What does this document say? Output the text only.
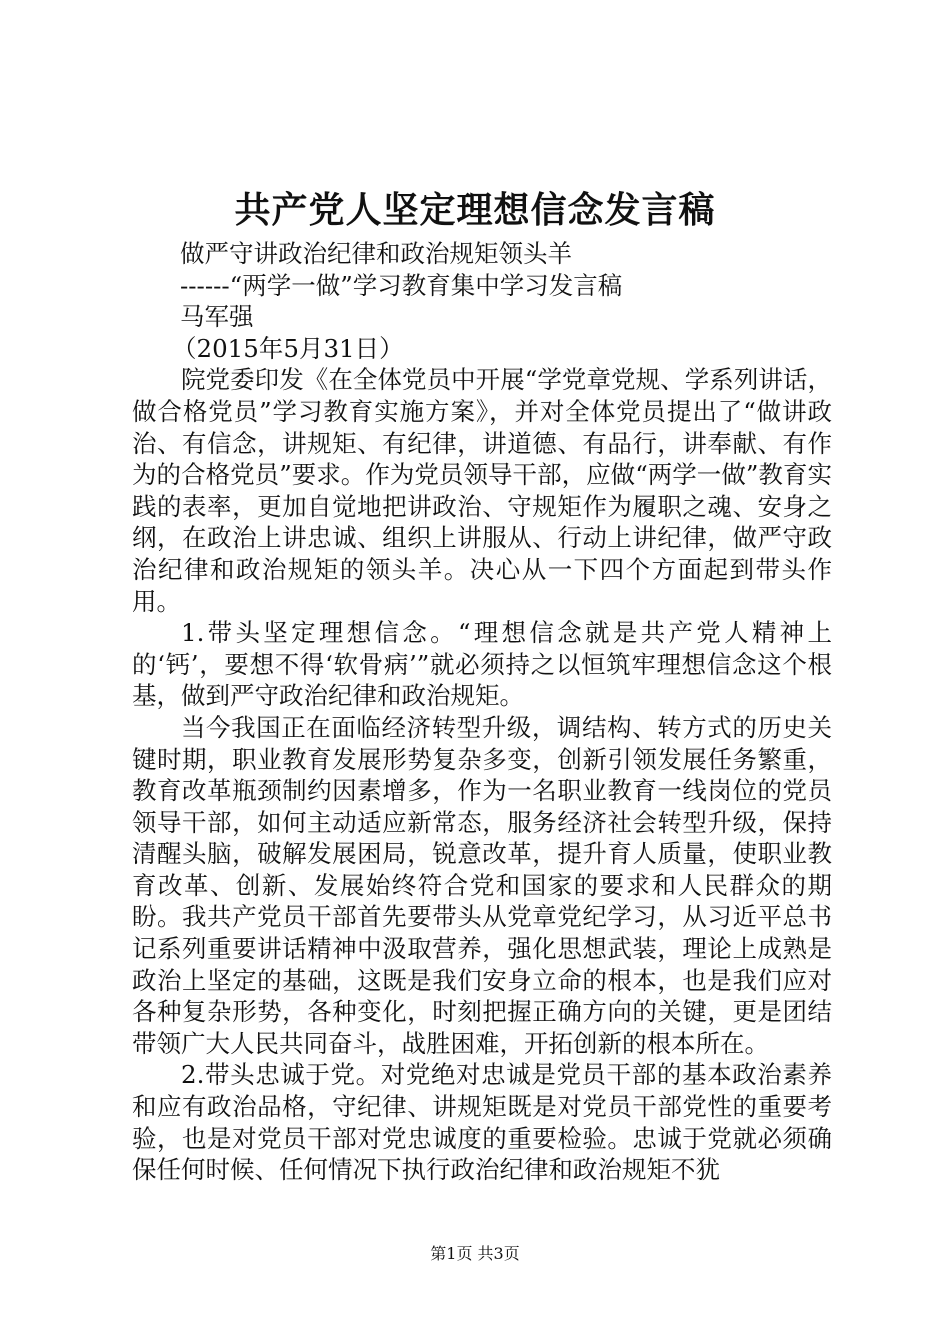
共产党人坚定理想信念发言稿

做严守讲政治纪律和政治规矩领头羊

------“两学一做”学习教育集中学习发言稿

马军强

（2015年5月31日）

院党委印发《在全体党员中开展“学党章党规、学系列讲话，做合格党员”学习教育实施方案》，并对全体党员提出了“做讲政治、有信念，讲规矩、有纪律，讲道德、有品行，讲奉献、有作为的合格党员”要求。作为党员领导干部，应做“两学一做”教育实践的表率，更加自觉地把讲政治、守规矩作为履职之魂、安身之纲，在政治上讲忠诚、组织上讲服从、行动上讲纪律，做严守政治纪律和政治规矩的领头羊。决心从一下四个方面起到带头作用。

1.带头坚定理想信念。“理想信念就是共产党人精神上的‘钙’，要想不得‘软骨病’”就必须持之以恒筑牢理想信念这个根基，做到严守政治纪律和政治规矩。

当今我国正在面临经济转型升级，调结构、转方式的历史关键时期，职业教育发展形势复杂多变，创新引领发展任务繁重，教育改革瓶颈制约因素增多，作为一名职业教育一线岗位的党员领导干部，如何主动适应新常态，服务经济社会转型升级，保持清醒头脑，破解发展困局，锐意改革，提升育人质量，使职业教育改革、创新、发展始终符合党和国家的要求和人民群众的期盼。我共产党员干部首先要带头从党章党纪学习，从习近平总书记系列重要讲话精神中汲取营养，强化思想武装，理论上成熟是政治上坚定的基础，这既是我们安身立命的根本，也是我们应对各种复杂形势，各种变化，时刻把握正确方向的关键，更是团结带领广大人民共同奋斗，战胜困难，开拓创新的根本所在。

2.带头忠诚于党。对党绝对忠诚是党员干部的基本政治素养和应有政治品格，守纪律、讲规矩既是对党员干部党性的重要考验，也是对党员干部对党忠诚度的重要检验。忠诚于党就必须确保任何时候、任何情况下执行政治纪律和政治规矩不犹

第1页 共3页
